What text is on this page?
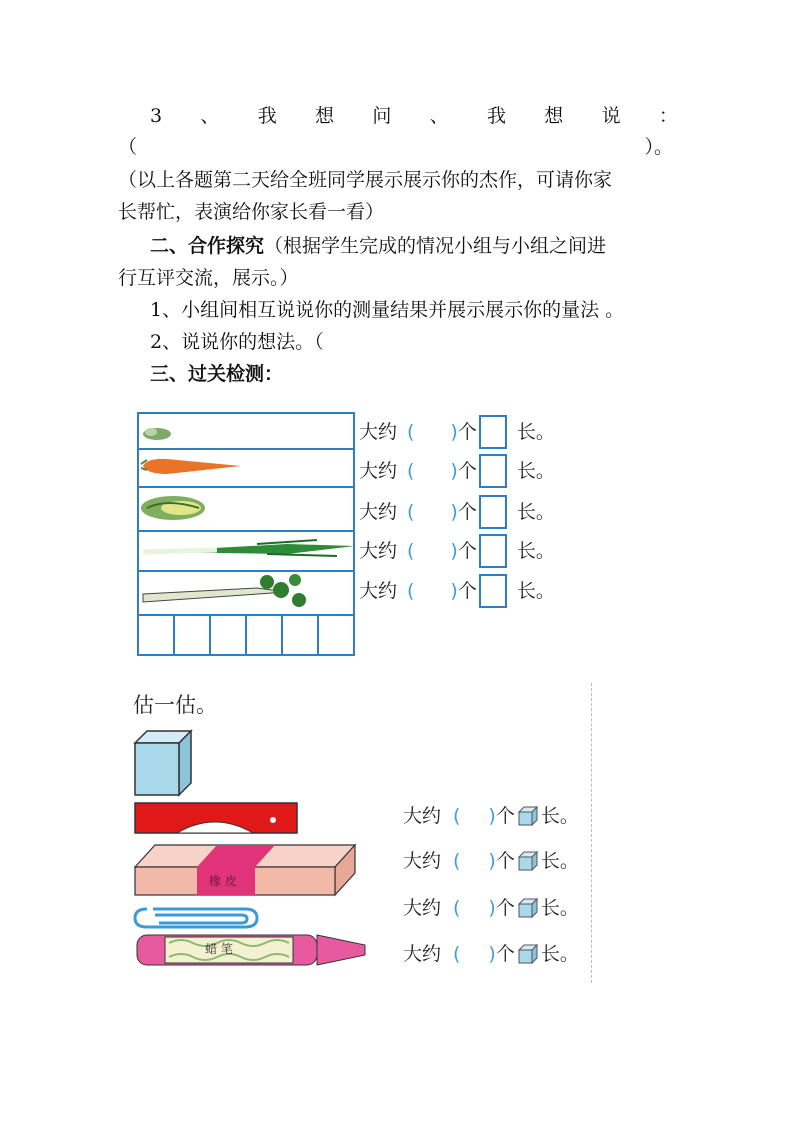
3 、 我 想 问 、 我 想 说 ：
（	）。
（以上各题第二天给全班同学展示展示你的杰作，可请你家
长帮忙，表演给你家长看一看）
二、合作探究（根据学生完成的情况小组与小组之间进
行互评交流，展示。）
1、小组间相互说说你的测量结果并展示展示你的量法 。
2、说说你的想法。（
三、过关检测：
大约 ( ) 个 长。
大约 ( ) 个 长。
大约 ( ) 个 长。
大约 ( ) 个 长。
大约 ( ) 个 长。
估一估。
橡 皮
蜡 笔
大约 ( ) 个 长。
大约 ( ) 个 长。
大约 ( ) 个 长。
大约 ( ) 个 长。
